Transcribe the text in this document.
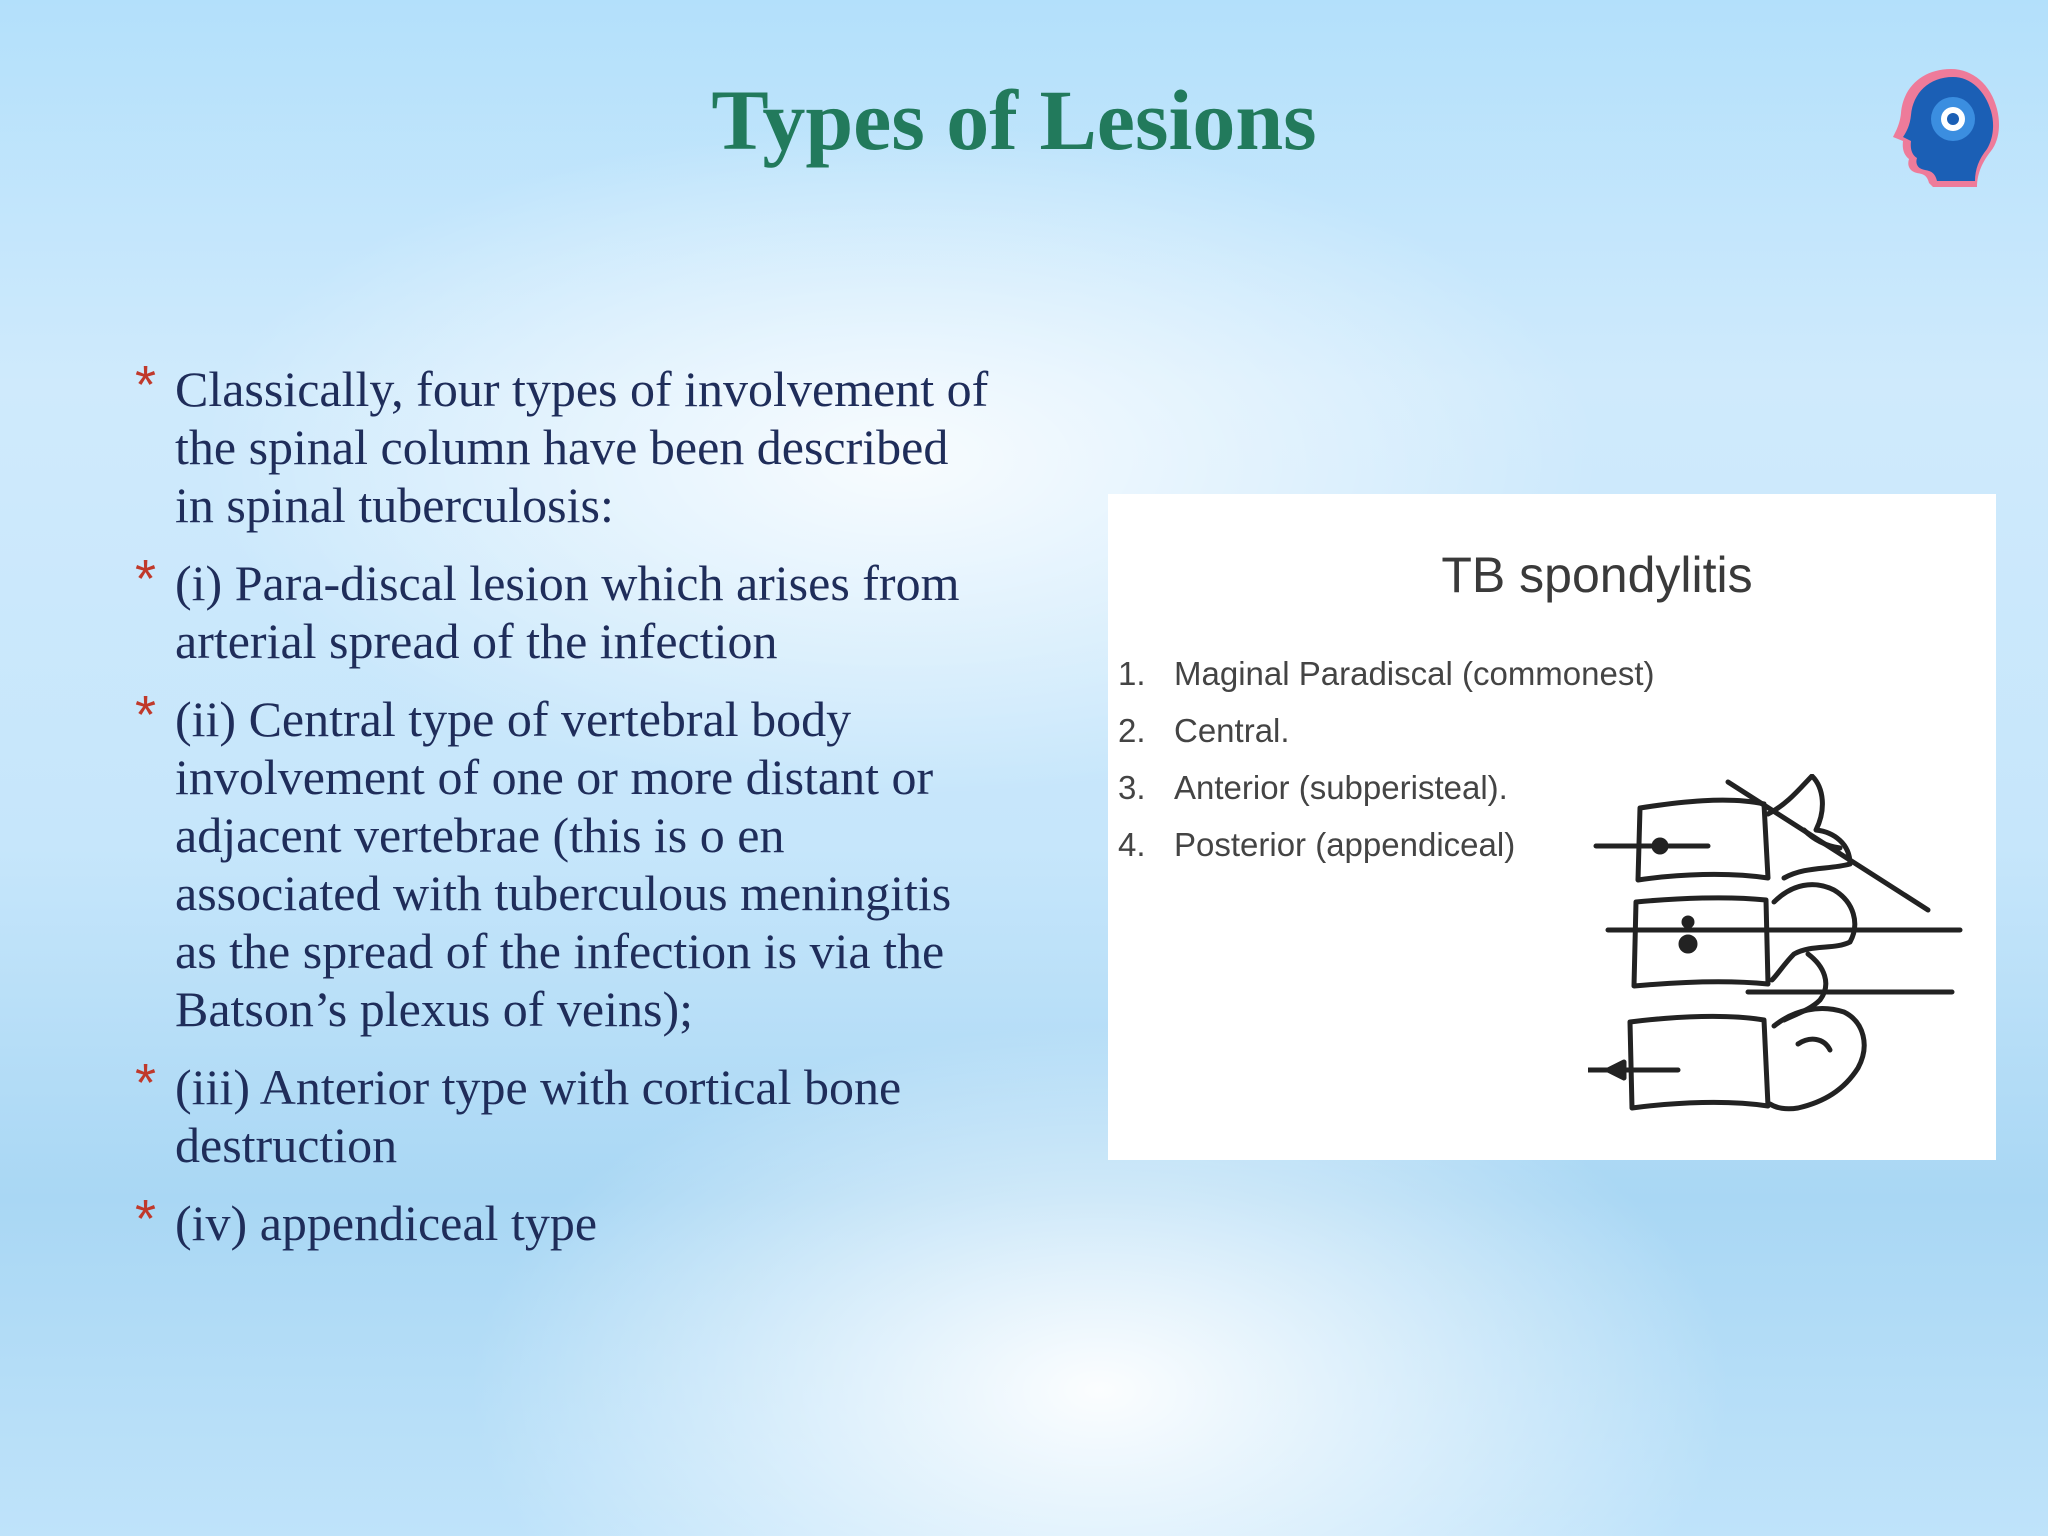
Types of Lesions
* Classically, four types of involvement of
the spinal column have been described
in spinal tuberculosis:
* (i) Para-discal lesion which arises from
arterial spread of the infection
* (ii) Central type of vertebral body
involvement of one or more distant or
adjacent vertebrae (this is o en
associated with tuberculous meningitis
as the spread of the infection is via the
Batson’s plexus of veins);
* (iii) Anterior type with cortical bone
destruction
* (iv) appendiceal type

TB spondylitis

1. Maginal Paradiscal (commonest)
2. Central.
3. Anterior (subperisteal).
4. Posterior (appendiceal)
